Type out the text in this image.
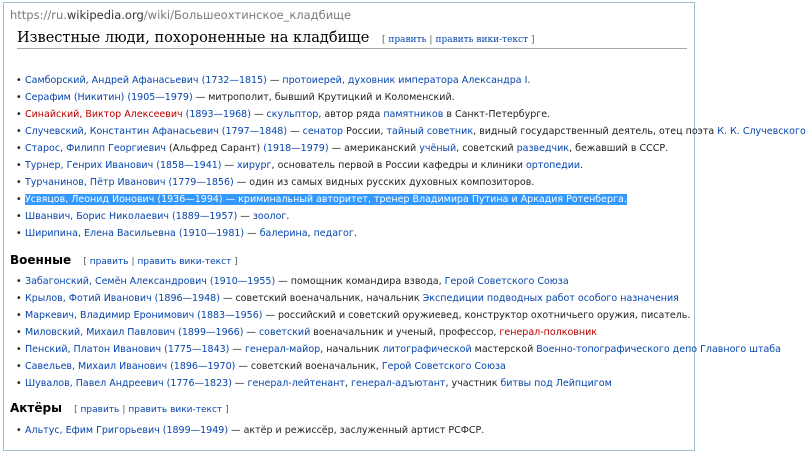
https://ru.wikipedia.org/wiki/Большеохтинское_кладбище
Известные люди, похороненные на кладбище [ править | править вики-текст ]
• Самборский, Андрей Афанасьевич (1732—1815) — протоиерей, духовник императора Александра I.
• Серафим (Никитин) (1905—1979) — митрополит, бывший Крутицкий и Коломенский.
• Синайский, Виктор Алексеевич (1893—1968) — скульптор, автор ряда памятников в Санкт-Петербурге.
• Случевский, Константин Афанасьевич (1797—1848) — сенатор России, тайный советник, видный государственный деятель, отец поэта К. К. Случевского
• Старос, Филипп Георгиевич (Альфред Сарант) (1918—1979) — американский учёный, советский разведчик, бежавший в СССР.
• Турнер, Генрих Иванович (1858—1941) — хирург, основатель первой в России кафедры и клиники ортопедии.
• Турчанинов, Пётр Иванович (1779—1856) — один из самых видных русских духовных композиторов.
• Усвяцов, Леонид Ионович (1936—1994) — криминальный авторитет, тренер Владимира Путина и Аркадия Ротенберга.
• Шванвич, Борис Николаевич (1889—1957) — зоолог.
• Ширипина, Елена Васильевна (1910—1981) — балерина, педагог.
Военные [ править | править вики-текст ]
• Забагонский, Семён Александрович (1910—1955) — помощник командира взвода, Герой Советского Союза
• Крылов, Фотий Иванович (1896—1948) — советский военачальник, начальник Экспедиции подводных работ особого назначения
• Маркевич, Владимир Еронимович (1883—1956) — российский и советский оружиевед, конструктор охотничьего оружия, писатель.
• Миловский, Михаил Павлович (1899—1966) — советский военачальник и ученый, профессор, генерал-полковник
• Пенский, Платон Иванович (1775—1843) — генерал-майор, начальник литографической мастерской Военно-топографического депо Главного штаба
• Савельев, Михаил Иванович (1896—1970) — советский военачальник, Герой Советского Союза
• Шувалов, Павел Андреевич (1776—1823) — генерал-лейтенант, генерал-адъютант, участник битвы под Лейпцигом
Актёры [ править | править вики-текст ]
• Альтус, Ефим Григорьевич (1899—1949) — актёр и режиссёр, заслуженный артист РСФСР.
